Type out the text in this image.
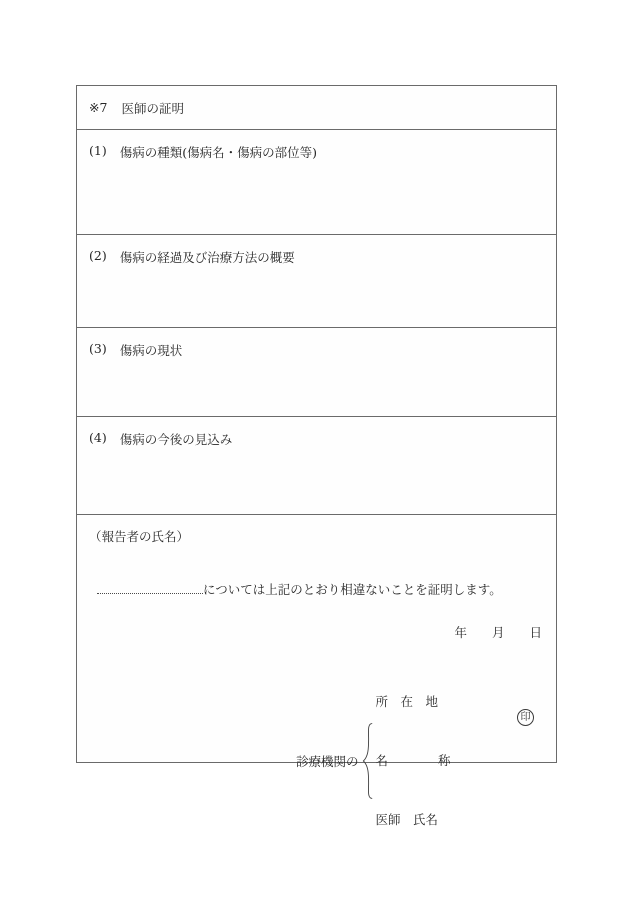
※7 医師の証明
(1) 傷病の種類(傷病名・傷病の部位等)
(2) 傷病の経過及び治療方法の概要
(3) 傷病の現状
(4) 傷病の今後の見込み
（報告者の氏名）
については上記のとおり相違ないことを証明します。
年 月 日
診療機関の

所　在　地

名　　　　称

医師　氏名

印
